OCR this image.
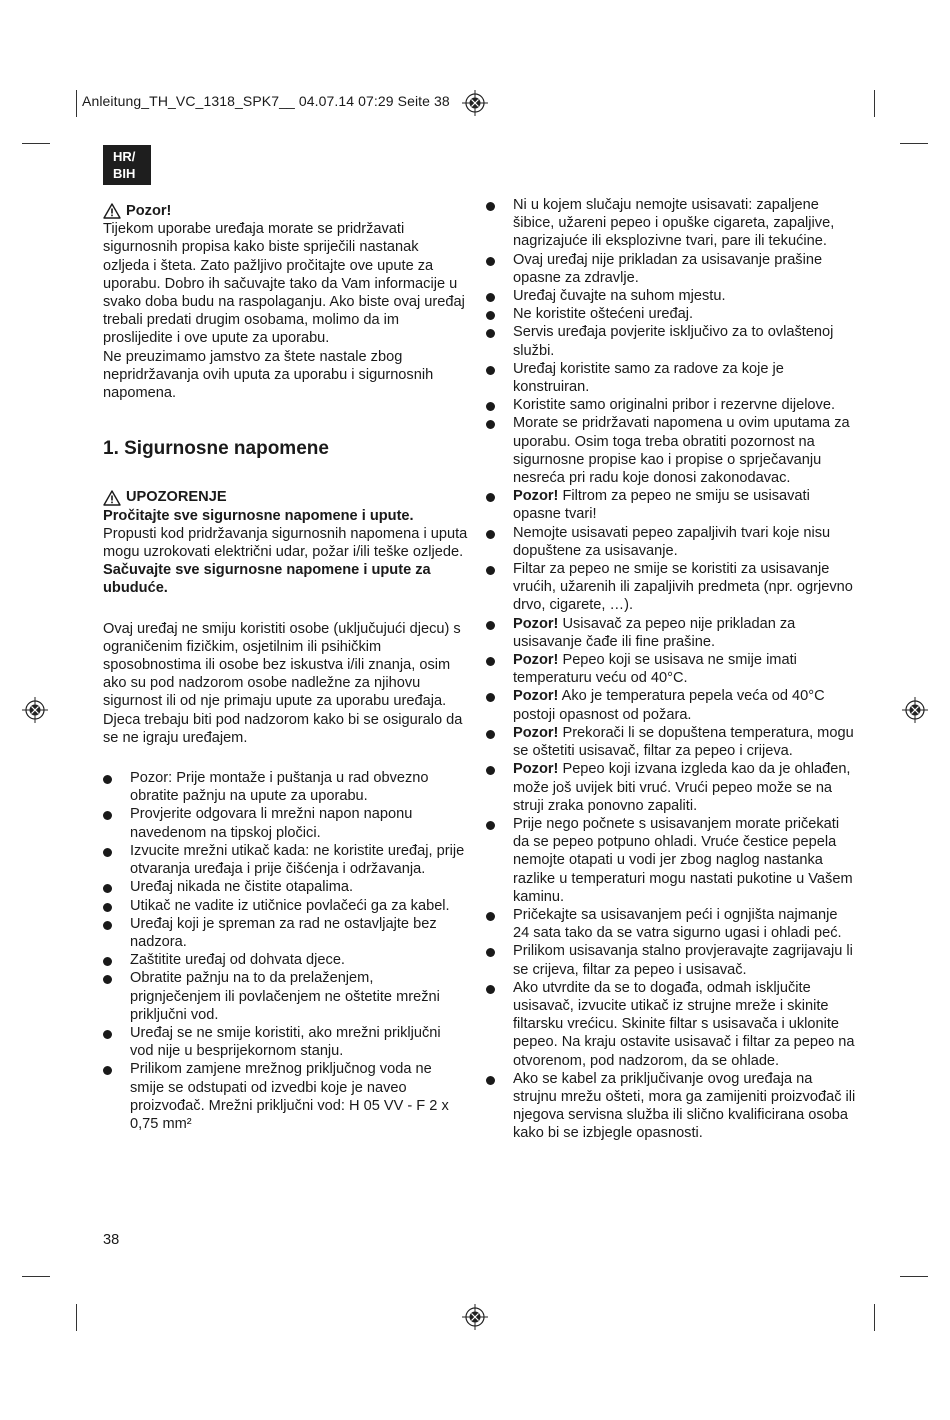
Anleitung_TH_VC_1318_SPK7__ 04.07.14 07:29 Seite 38
HR/
BIH
Pozor!

Tijekom uporabe uređaja morate se pridržavati sigurnosnih propisa kako biste spriječili nastanak ozljeda i šteta. Zato pažljivo pročitajte ove upute za uporabu. Dobro ih sačuvajte tako da Vam informacije u svako doba budu na raspolaganju. Ako biste ovaj uređaj trebali predati drugim osobama, molimo da im proslijedite i ove upute za uporabu.

Ne preuzimamo jamstvo za štete nastale zbog nepridržavanja ovih uputa za uporabu i sigurnosnih napomena.

1. Sigurnosne napomene
UPOZORENJE

Pročitajte sve sigurnosne napomene i upute.

Propusti kod pridržavanja sigurnosnih napomena i uputa mogu uzrokovati električni udar, požar i/ili teške ozljede.

Sačuvajte sve sigurnosne napomene i upute za ubuduće.

Ovaj uređaj ne smiju koristiti osobe (uključujući djecu) s ograničenim fizičkim, osjetilnim ili psihičkim sposobnostima ili osobe bez iskustva i/ili znanja, osim ako su pod nadzorom osobe nadležne za njihovu sigurnost ili od nje primaju upute za uporabu uređaja. Djeca trebaju biti pod nadzorom kako bi se osiguralo da se ne igraju uređajem.

Pozor: Prije montaže i puštanja u rad obvezno obratite pažnju na upute za uporabu.
Provjerite odgovara li mrežni napon naponu navedenom na tipskoj pločici.
Izvucite mrežni utikač kada: ne koristite uređaj, prije otvaranja uređaja i prije čišćenja i održavanja.
Uređaj nikada ne čistite otapalima.
Utikač ne vadite iz utičnice povlačeći ga za kabel.
Uređaj koji je spreman za rad ne ostavljajte bez nadzora.
Zaštitite uređaj od dohvata djece.
Obratite pažnju na to da prelaženjem, prignječenjem ili povlačenjem ne oštetite mrežni priključni vod.
Uređaj se ne smije koristiti, ako mrežni priključni vod nije u besprijekornom stanju.
Prilikom zamjene mrežnog priključnog voda ne smije se odstupati od izvedbi koje je naveo proizvođač. Mrežni priključni vod: H 05 VV - F 2 x 0,75 mm²
Ni u kojem slučaju nemojte usisavati: zapaljene šibice, užareni pepeo i opuške cigareta, zapaljive, nagrizajuće ili eksplozivne tvari, pare ili tekućine.
Ovaj uređaj nije prikladan za usisavanje prašine opasne za zdravlje.
Uređaj čuvajte na suhom mjestu.
Ne koristite oštećeni uređaj.
Servis uređaja povjerite isključivo za to ovlaštenoj službi.
Uređaj koristite samo za radove za koje je konstruiran.
Koristite samo originalni pribor i rezervne dijelove.
Morate se pridržavati napomena u ovim uputama za uporabu. Osim toga treba obratiti pozornost na sigurnosne propise kao i propise o sprječavanju nesreća pri radu koje donosi zakonodavac.
Pozor! Filtrom za pepeo ne smiju se usisavati opasne tvari!
Nemojte usisavati pepeo zapaljivih tvari koje nisu dopuštene za usisavanje.
Filtar za pepeo ne smije se koristiti za usisavanje vrućih, užarenih ili zapaljivih predmeta (npr. ogrjevno drvo, cigarete, …).
Pozor! Usisavač za pepeo nije prikladan za usisavanje čađe ili fine prašine.
Pozor! Pepeo koji se usisava ne smije imati temperaturu veću od 40°C.
Pozor! Ako je temperatura pepela veća od 40°C postoji opasnost od požara.
Pozor! Prekorači li se dopuštena temperatura, mogu se oštetiti usisavač, filtar za pepeo i crijeva.
Pozor! Pepeo koji izvana izgleda kao da je ohlađen, može još uvijek biti vruć. Vrući pepeo može se na struji zraka ponovno zapaliti.
Prije nego počnete s usisavanjem morate pričekati da se pepeo potpuno ohladi. Vruće čestice pepela nemojte otapati u vodi jer zbog naglog nastanka razlike u temperaturi mogu nastati pukotine u Vašem kaminu.
Pričekajte sa usisavanjem peći i ognjišta najmanje 24 sata tako da se vatra sigurno ugasi i ohladi peć.
Prilikom usisavanja stalno provjeravajte zagrijavaju li se crijeva, filtar za pepeo i usisavač.
Ako utvrdite da se to događa, odmah isključite usisavač, izvucite utikač iz strujne mreže i skinite filtarsku vrećicu. Skinite filtar s usisavača i uklonite pepeo. Na kraju ostavite usisavač i filtar za pepeo na otvorenom, pod nadzorom, da se ohlade.
Ako se kabel za priključivanje ovog uređaja na strujnu mrežu ošteti, mora ga zamijeniti proizvođač ili njegova servisna služba ili slično kvalificirana osoba kako bi se izbjegle opasnosti.
38
